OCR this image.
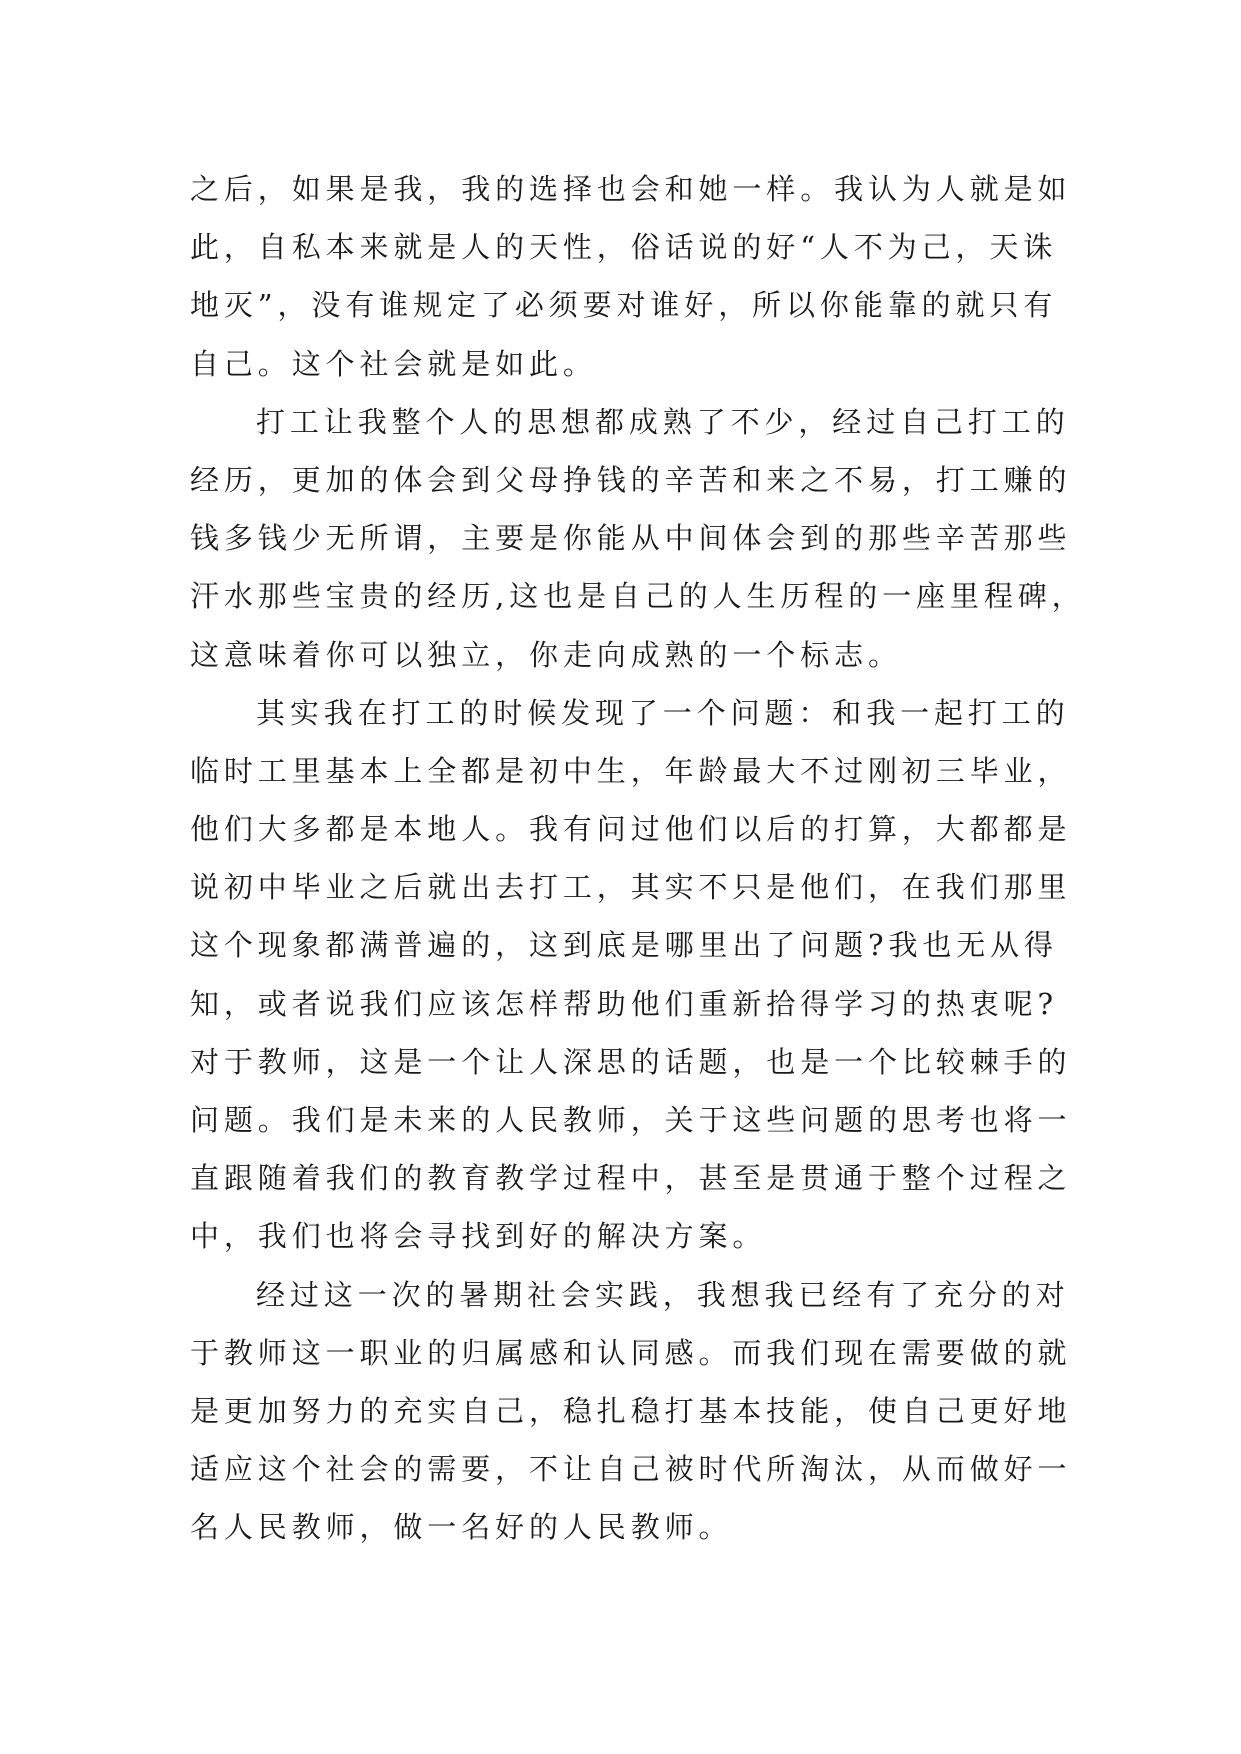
之后，如果是我，我的选择也会和她一样。我认为人就是如
此，自私本来就是人的天性，俗话说的好“人不为己，天诛
地灭”，没有谁规定了必须要对谁好，所以你能靠的就只有
自己。这个社会就是如此。
打工让我整个人的思想都成熟了不少，经过自己打工的
经历，更加的体会到父母挣钱的辛苦和来之不易，打工赚的
钱多钱少无所谓，主要是你能从中间体会到的那些辛苦那些
汗水那些宝贵的经历,这也是自己的人生历程的一座里程碑，
这意味着你可以独立，你走向成熟的一个标志。
其实我在打工的时候发现了一个问题：和我一起打工的
临时工里基本上全都是初中生，年龄最大不过刚初三毕业，
他们大多都是本地人。我有问过他们以后的打算，大都都是
说初中毕业之后就出去打工，其实不只是他们，在我们那里
这个现象都满普遍的，这到底是哪里出了问题?我也无从得
知，或者说我们应该怎样帮助他们重新拾得学习的热衷呢?
对于教师，这是一个让人深思的话题，也是一个比较棘手的
问题。我们是未来的人民教师，关于这些问题的思考也将一
直跟随着我们的教育教学过程中，甚至是贯通于整个过程之
中，我们也将会寻找到好的解决方案。
经过这一次的暑期社会实践，我想我已经有了充分的对
于教师这一职业的归属感和认同感。而我们现在需要做的就
是更加努力的充实自己，稳扎稳打基本技能，使自己更好地
适应这个社会的需要，不让自己被时代所淘汰，从而做好一
名人民教师，做一名好的人民教师。
